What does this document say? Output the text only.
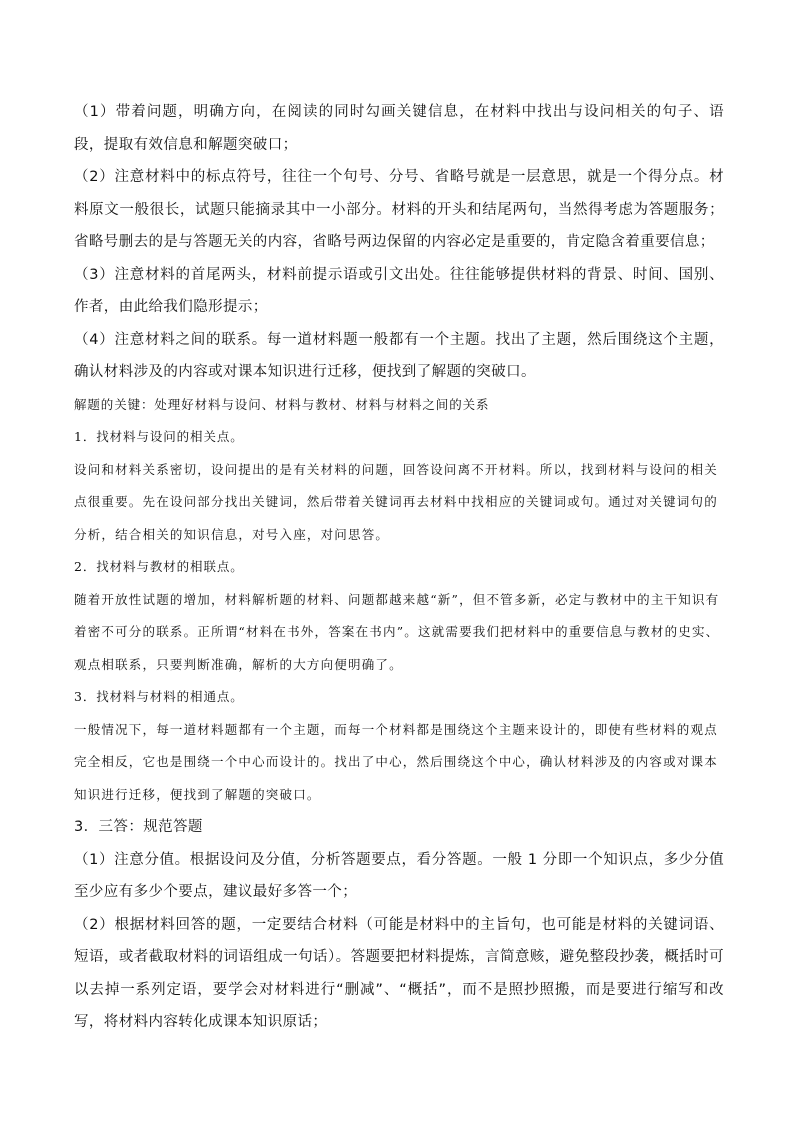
（1）带着问题，明确方向，在阅读的同时勾画关键信息，在材料中找出与设问相关的句子、语段，提取有效信息和解题突破口；

（2）注意材料中的标点符号，往往一个句号、分号、省略号就是一层意思，就是一个得分点。材料原文一般很长，试题只能摘录其中一小部分。材料的开头和结尾两句，当然得考虑为答题服务；省略号删去的是与答题无关的内容，省略号两边保留的内容必定是重要的，肯定隐含着重要信息；

（3）注意材料的首尾两头，材料前提示语或引文出处。往往能够提供材料的背景、时间、国别、作者，由此给我们隐形提示；

（4）注意材料之间的联系。每一道材料题一般都有一个主题。找出了主题，然后围绕这个主题，确认材料涉及的内容或对课本知识进行迁移，便找到了解题的突破口。

解题的关键：处理好材料与设问、材料与教材、材料与材料之间的关系

1．找材料与设问的相关点。

设问和材料关系密切，设问提出的是有关材料的问题，回答设问离不开材料。所以，找到材料与设问的相关点很重要。先在设问部分找出关键词，然后带着关键词再去材料中找相应的关键词或句。通过对关键词句的分析，结合相关的知识信息，对号入座，对问思答。

2．找材料与教材的相联点。

随着开放性试题的增加，材料解析题的材料、问题都越来越“新”，但不管多新，必定与教材中的主干知识有着密不可分的联系。正所谓“材料在书外，答案在书内”。这就需要我们把材料中的重要信息与教材的史实、观点相联系，只要判断准确，解析的大方向便明确了。

3．找材料与材料的相通点。

一般情况下，每一道材料题都有一个主题，而每一个材料都是围绕这个主题来设计的，即使有些材料的观点完全相反，它也是围绕一个中心而设计的。找出了中心，然后围绕这个中心，确认材料涉及的内容或对课本知识进行迁移，便找到了解题的突破口。

3．三答：规范答题

（1）注意分值。根据设问及分值，分析答题要点，看分答题。一般 1 分即一个知识点，多少分值至少应有多少个要点，建议最好多答一个；

（2）根据材料回答的题，一定要结合材料（可能是材料中的主旨句，也可能是材料的关键词语、短语，或者截取材料的词语组成一句话）。答题要把材料提炼，言简意赅，避免整段抄袭，概括时可以去掉一系列定语，要学会对材料进行“删减”、“概括”，而不是照抄照搬，而是要进行缩写和改写，将材料内容转化成课本知识原话；
